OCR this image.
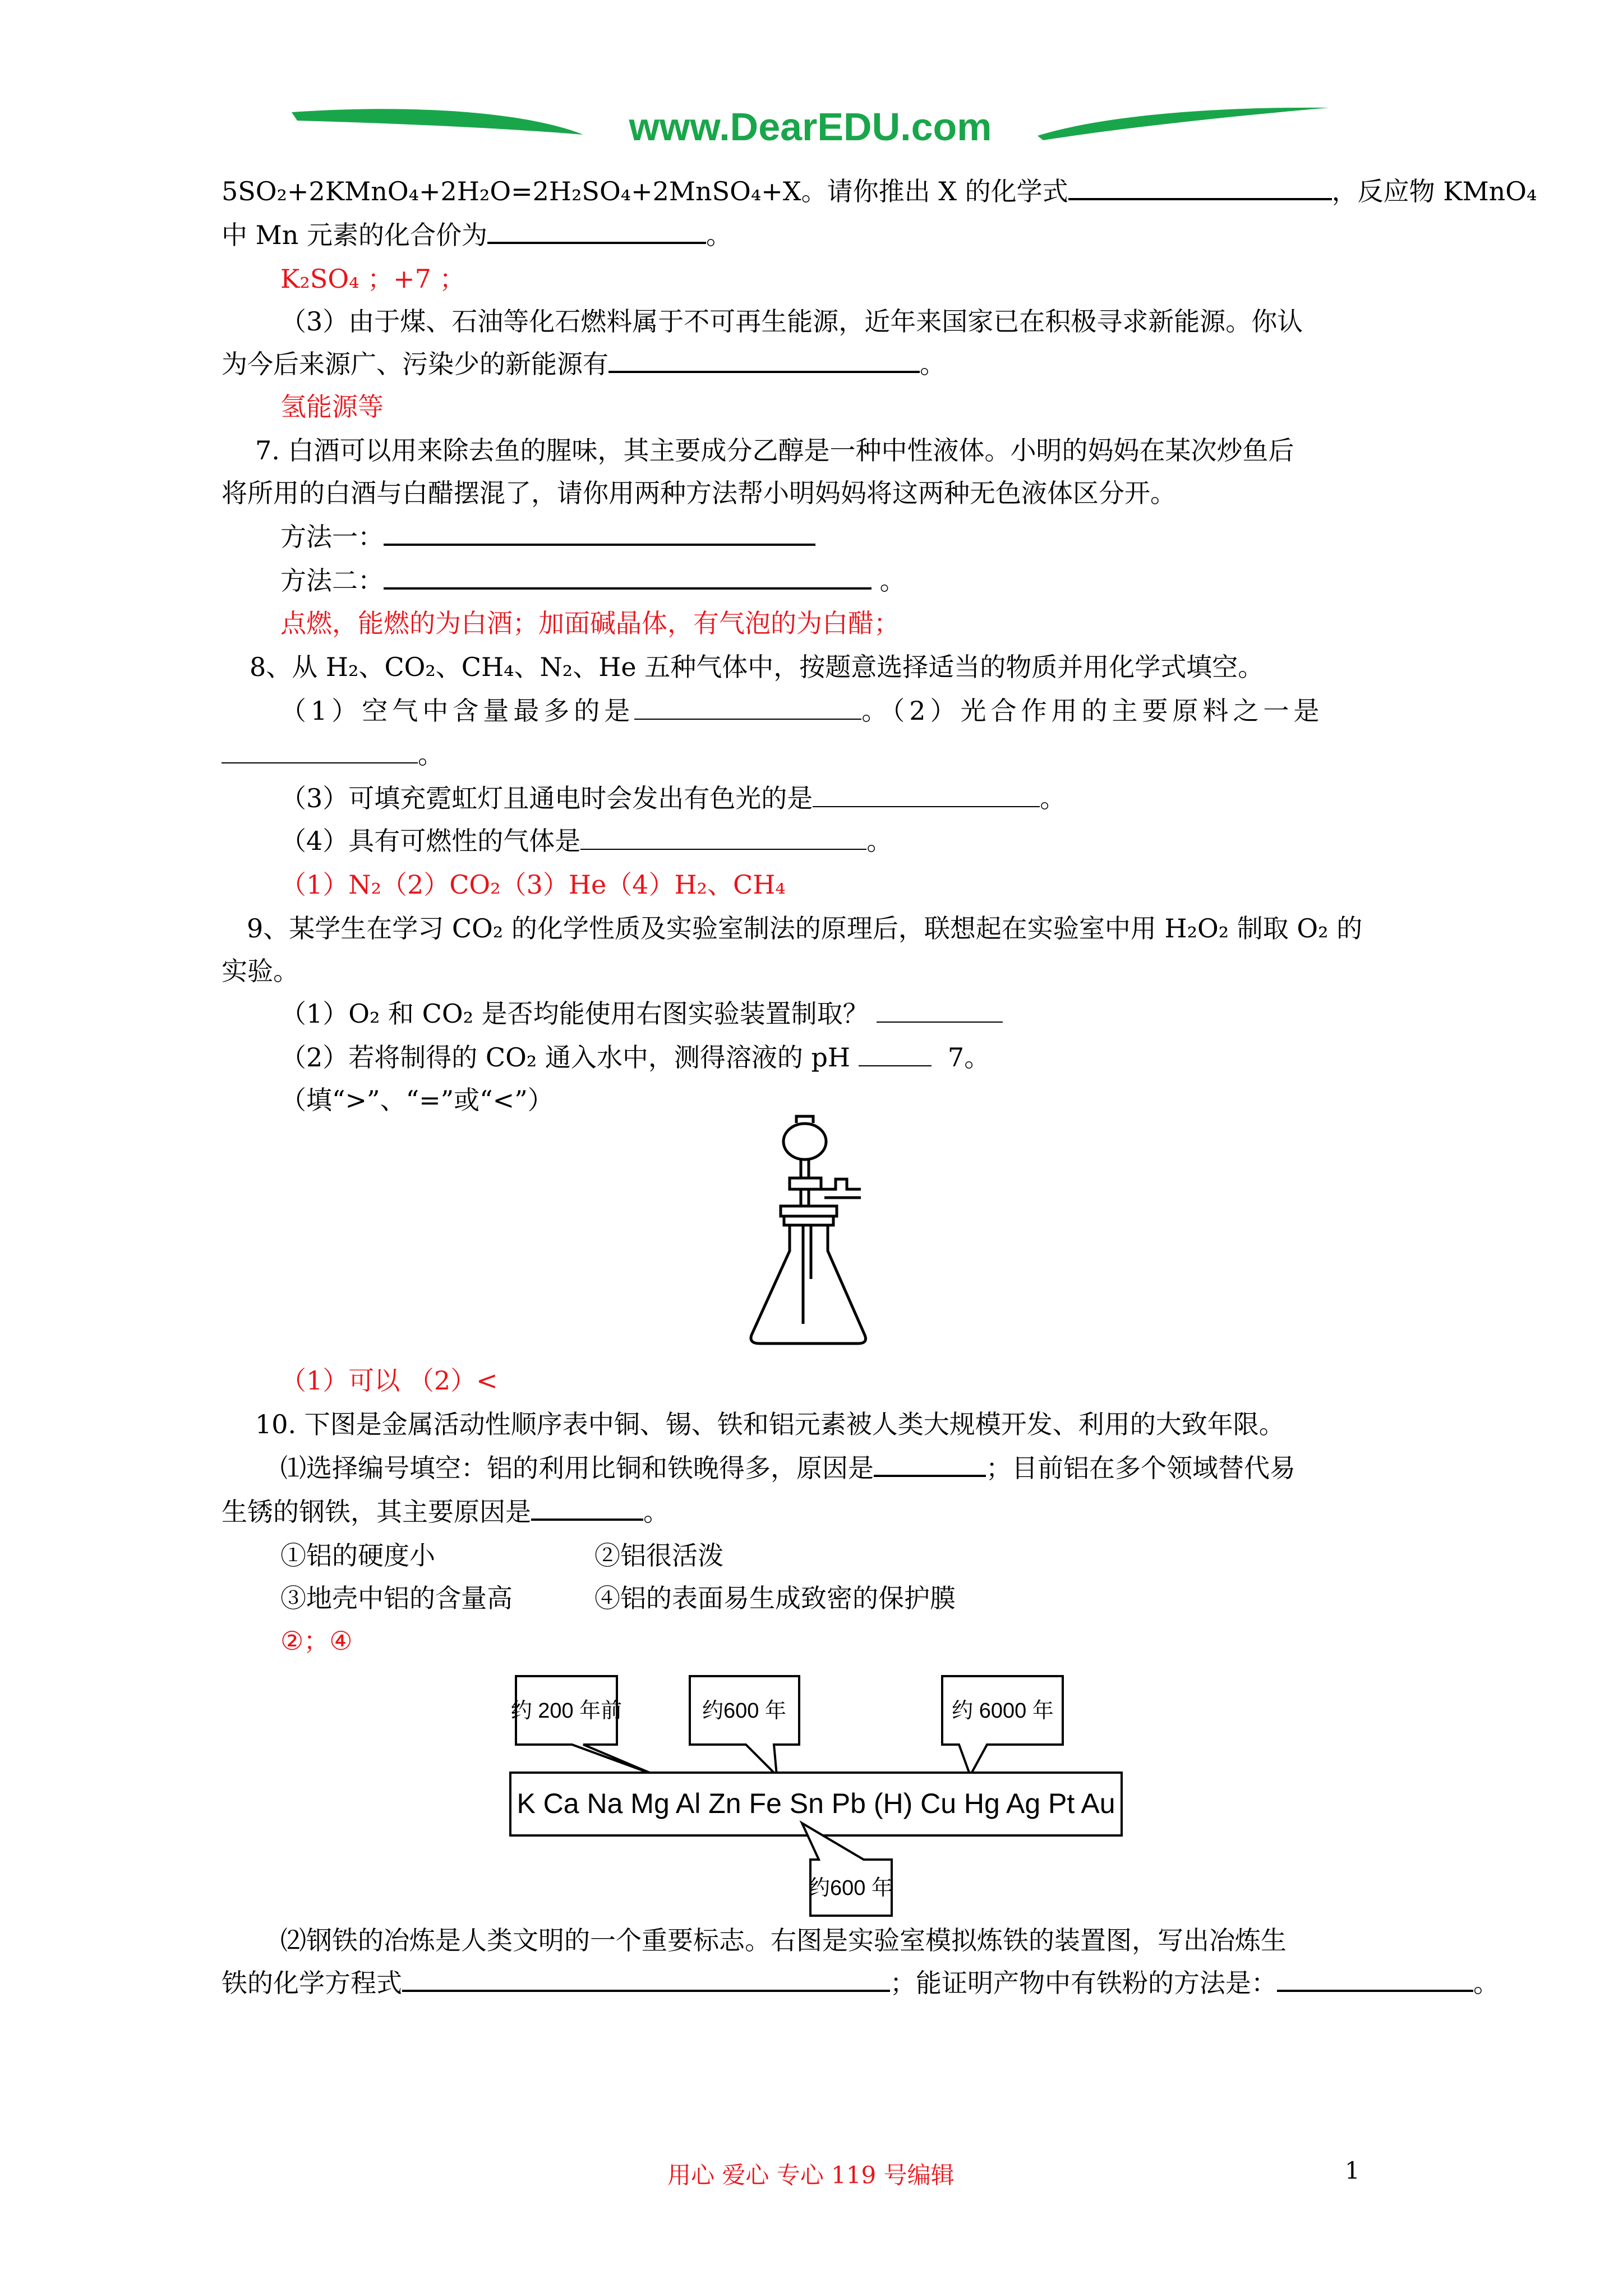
www.DearEDU.com
5SO₂+2KMnO₄+2H₂O=2H₂SO₄+2MnSO₄+X。请你推出 X 的化学式	，反应物 KMnO₄
中 Mn 元素的化合价为	。
K₂SO₄ ；+7 ；
（3）由于煤、石油等化石燃料属于不可再生能源，近年来国家已在积极寻求新能源。你认
为今后来源广、污染少的新能源有	。
氢能源等
7. 白酒可以用来除去鱼的腥味，其主要成分乙醇是一种中性液体。小明的妈妈在某次炒鱼后
将所用的白酒与白醋摆混了，请你用两种方法帮小明妈妈将这两种无色液体区分开。
方法一：
方法二：	。
点燃，能燃的为白酒；加面碱晶体，有气泡的为白醋；
8、从 H₂、CO₂、CH₄、N₂、He 五种气体中，按题意选择适当的物质并用化学式填空。
（1）空气中含量最多的是	。（2）光合作用的主要原料之一是
。
（3）可填充霓虹灯且通电时会发出有色光的是	。
（4）具有可燃性的气体是	。
（1）N₂（2）CO₂（3）He（4）H₂、CH₄
9、某学生在学习 CO₂ 的化学性质及实验室制法的原理后，联想起在实验室中用 H₂O₂ 制取 O₂ 的
实验。
（1）O₂ 和 CO₂ 是否均能使用右图实验装置制取？
（2）若将制得的 CO₂ 通入水中，测得溶液的 pH	7。
（填“>”、“=”或“<”）
（1）可以 （2）<
10. 下图是金属活动性顺序表中铜、锡、铁和铝元素被人类大规模开发、利用的大致年限。
⑴选择编号填空：铝的利用比铜和铁晚得多，原因是	；目前铝在多个领域替代易
生锈的钢铁，其主要原因是	。
①铝的硬度小	②铝很活泼
③地壳中铝的含量高	④铝的表面易生成致密的保护膜
②；④
约 200 年前	约600 年	约 6000 年
约600 年
K Ca Na Mg Al Zn Fe Sn Pb (H) Cu Hg Ag Pt Au
⑵钢铁的冶炼是人类文明的一个重要标志。右图是实验室模拟炼铁的装置图，写出冶炼生
铁的化学方程式	；能证明产物中有铁粉的方法是：	。
用心 爱心 专心 119 号编辑	1
